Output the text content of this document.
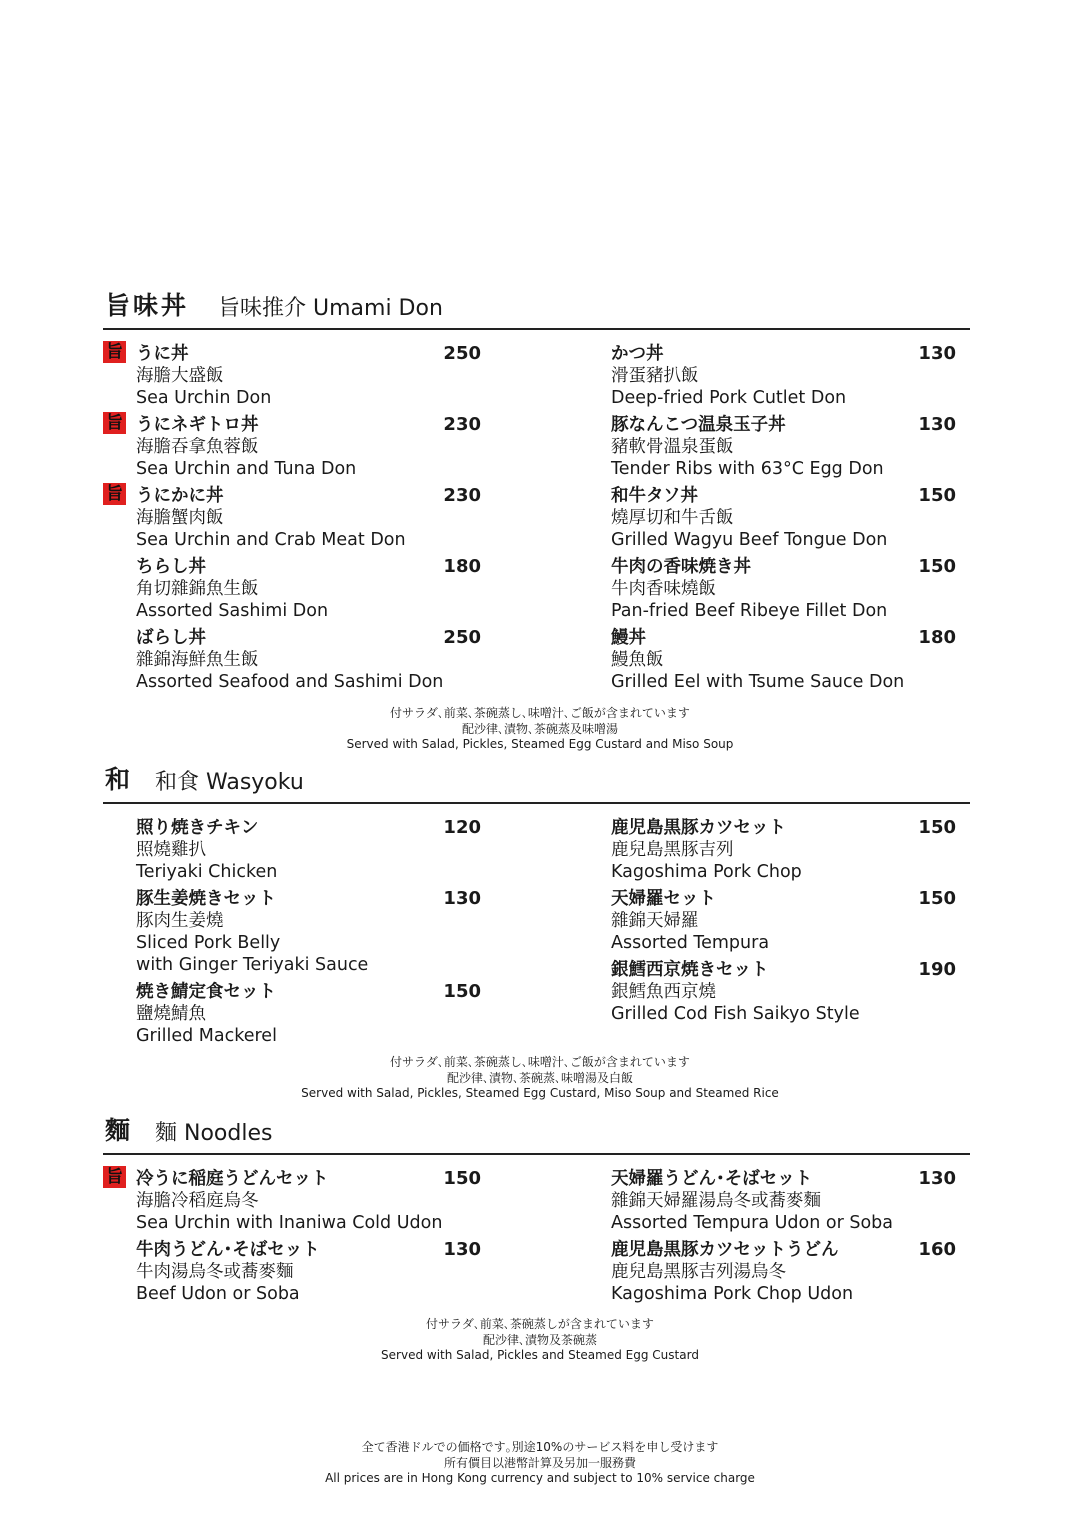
旨味丼 旨味推介 Umami Don
旨 うに丼	250
海膽大盛飯
Sea Urchin Don
旨 うにネギトロ丼	230
海膽吞拿魚蓉飯
Sea Urchin and Tuna Don
旨 うにかに丼	230
海膽蟹肉飯
Sea Urchin and Crab Meat Don
ちらし丼	180
角切雜錦魚生飯
Assorted Sashimi Don
ばらし丼	250
雜錦海鮮魚生飯
Assorted Seafood and Sashimi Don
かつ丼	130
滑蛋豬扒飯
Deep-fried Pork Cutlet Don
豚なんこつ温泉玉子丼	130
豬軟骨溫泉蛋飯
Tender Ribs with 63°C Egg Don
和牛タソ丼	150
燒厚切和牛舌飯
Grilled Wagyu Beef Tongue Don
牛肉の香味焼き丼	150
牛肉香味燒飯
Pan-fried Beef Ribeye Fillet Don
鰻丼	180
鰻魚飯
Grilled Eel with Tsume Sauce Don
付サラダ､前菜､茶碗蒸し､味噌汁､ご飯が含まれています
配沙律､漬物､茶碗蒸及味噌湯
Served with Salad, Pickles, Steamed Egg Custard and Miso Soup
和 和食 Wasyoku
照り焼きチキン	120
照燒雞扒
Teriyaki Chicken
豚生姜焼きセット	130
豚肉生姜燒
Sliced Pork Belly
with Ginger Teriyaki Sauce
焼き鯖定食セット	150
鹽燒鯖魚
Grilled Mackerel
鹿児島黒豚カツセット	150
鹿兒島黑豚吉列
Kagoshima Pork Chop
天婦羅セット	150
雜錦天婦羅
Assorted Tempura
銀鱈西京焼きセット	190
銀鱈魚西京燒
Grilled Cod Fish Saikyo Style
付サラダ､前菜､茶碗蒸し､味噌汁､ご飯が含まれています
配沙律､漬物､茶碗蒸､味噌湯及白飯
Served with Salad, Pickles, Steamed Egg Custard, Miso Soup and Steamed Rice
麵 麵 Noodles
旨 冷うに稲庭うどんセット	150
海膽冷稻庭烏冬
Sea Urchin with Inaniwa Cold Udon
牛肉うどん･そばセット	130
牛肉湯烏冬或蕎麥麵
Beef Udon or Soba
天婦羅うどん･そばセット	130
雜錦天婦羅湯烏冬或蕎麥麵
Assorted Tempura Udon or Soba
鹿児島黒豚カツセットうどん	160
鹿兒島黑豚吉列湯烏冬
Kagoshima Pork Chop Udon
付サラダ､前菜､茶碗蒸しが含まれています
配沙律､漬物及茶碗蒸
Served with Salad, Pickles and Steamed Egg Custard
全て香港ドルでの価格です｡別途10%のサービス料を申し受けます
所有價目以港幣計算及另加一服務費
All prices are in Hong Kong currency and subject to 10% service charge
